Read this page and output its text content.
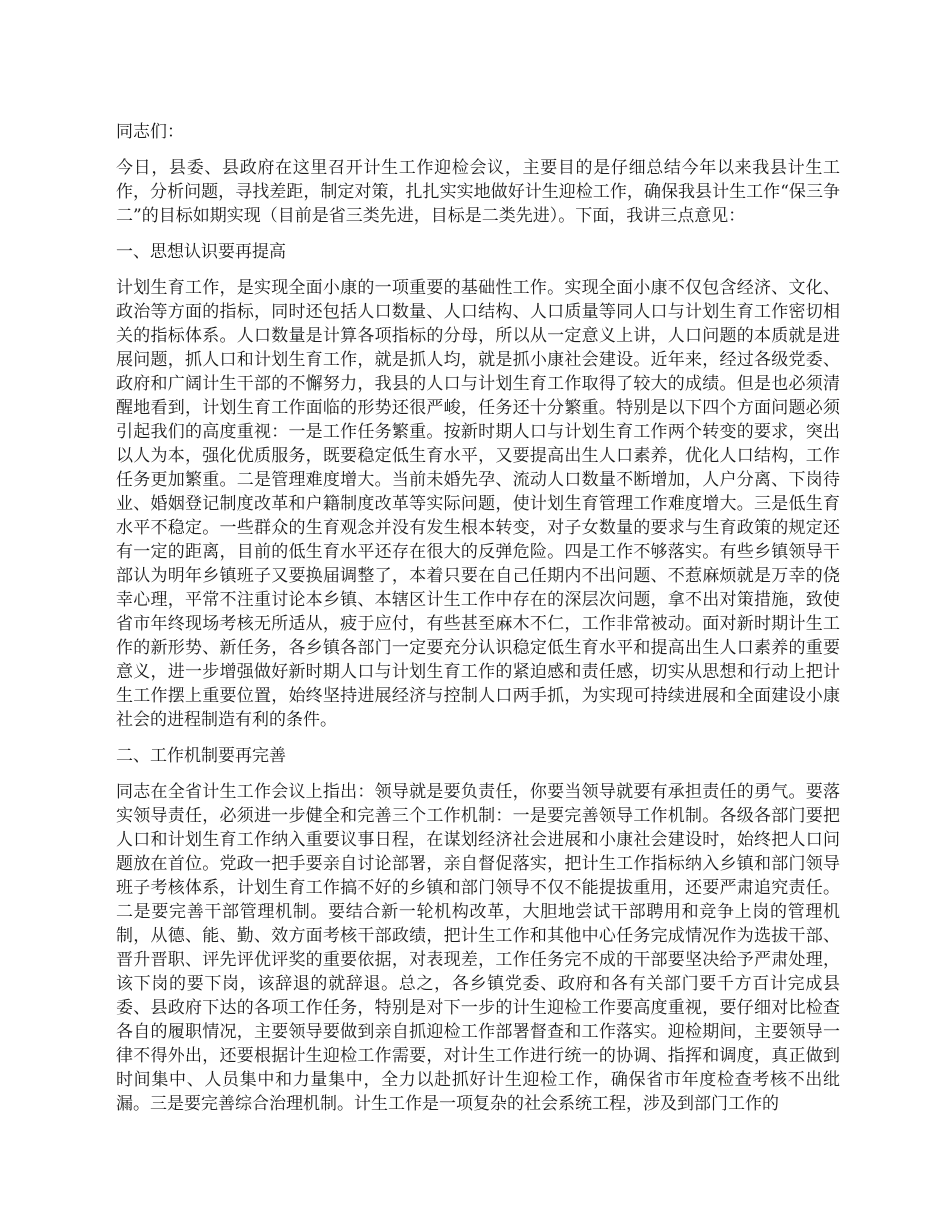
同志们：

今日，县委、县政府在这里召开计生工作迎检会议，主要目的是仔细总结今年以来我县计生工作，分析问题，寻找差距，制定对策，扎扎实实地做好计生迎检工作，确保我县计生工作“保三争二”的目标如期实现（目前是省三类先进，目标是二类先进）。下面，我讲三点意见：

一、思想认识要再提高

计划生育工作，是实现全面小康的一项重要的基础性工作。实现全面小康不仅包含经济、文化、政治等方面的指标，同时还包括人口数量、人口结构、人口质量等同人口与计划生育工作密切相关的指标体系。人口数量是计算各项指标的分母，所以从一定意义上讲，人口问题的本质就是进展问题，抓人口和计划生育工作，就是抓人均，就是抓小康社会建设。近年来，经过各级党委、政府和广阔计生干部的不懈努力，我县的人口与计划生育工作取得了较大的成绩。但是也必须清醒地看到，计划生育工作面临的形势还很严峻，任务还十分繁重。特别是以下四个方面问题必须引起我们的高度重视：一是工作任务繁重。按新时期人口与计划生育工作两个转变的要求，突出以人为本，强化优质服务，既要稳定低生育水平，又要提高出生人口素养，优化人口结构，工作任务更加繁重。二是管理难度增大。当前未婚先孕、流动人口数量不断增加，人户分离、下岗待业、婚姻登记制度改革和户籍制度改革等实际问题，使计划生育管理工作难度增大。三是低生育水平不稳定。一些群众的生育观念并没有发生根本转变，对子女数量的要求与生育政策的规定还有一定的距离，目前的低生育水平还存在很大的反弹危险。四是工作不够落实。有些乡镇领导干部认为明年乡镇班子又要换届调整了，本着只要在自己任期内不出问题、不惹麻烦就是万幸的侥幸心理，平常不注重讨论本乡镇、本辖区计生工作中存在的深层次问题，拿不出对策措施，致使省市年终现场考核无所适从，疲于应付，有些甚至麻木不仁，工作非常被动。面对新时期计生工作的新形势、新任务，各乡镇各部门一定要充分认识稳定低生育水平和提高出生人口素养的重要意义，进一步增强做好新时期人口与计划生育工作的紧迫感和责任感，切实从思想和行动上把计生工作摆上重要位置，始终坚持进展经济与控制人口两手抓，为实现可持续进展和全面建设小康社会的进程制造有利的条件。

二、工作机制要再完善

同志在全省计生工作会议上指出：领导就是要负责任，你要当领导就要有承担责任的勇气。要落实领导责任，必须进一步健全和完善三个工作机制：一是要完善领导工作机制。各级各部门要把人口和计划生育工作纳入重要议事日程，在谋划经济社会进展和小康社会建设时，始终把人口问题放在首位。党政一把手要亲自讨论部署，亲自督促落实，把计生工作指标纳入乡镇和部门领导班子考核体系，计划生育工作搞不好的乡镇和部门领导不仅不能提拔重用，还要严肃追究责任。二是要完善干部管理机制。要结合新一轮机构改革，大胆地尝试干部聘用和竞争上岗的管理机制，从德、能、勤、效方面考核干部政绩，把计生工作和其他中心任务完成情况作为选拔干部、晋升晋职、评先评优评奖的重要依据，对表现差，工作任务完不成的干部要坚决给予严肃处理，该下岗的要下岗，该辞退的就辞退。总之，各乡镇党委、政府和各有关部门要千方百计完成县委、县政府下达的各项工作任务，特别是对下一步的计生迎检工作要高度重视，要仔细对比检查各自的履职情况，主要领导要做到亲自抓迎检工作部署督查和工作落实。迎检期间，主要领导一律不得外出，还要根据计生迎检工作需要，对计生工作进行统一的协调、指挥和调度，真正做到时间集中、人员集中和力量集中，全力以赴抓好计生迎检工作，确保省市年度检查考核不出纰漏。三是要完善综合治理机制。计生工作是一项复杂的社会系统工程，涉及到部门工作的
